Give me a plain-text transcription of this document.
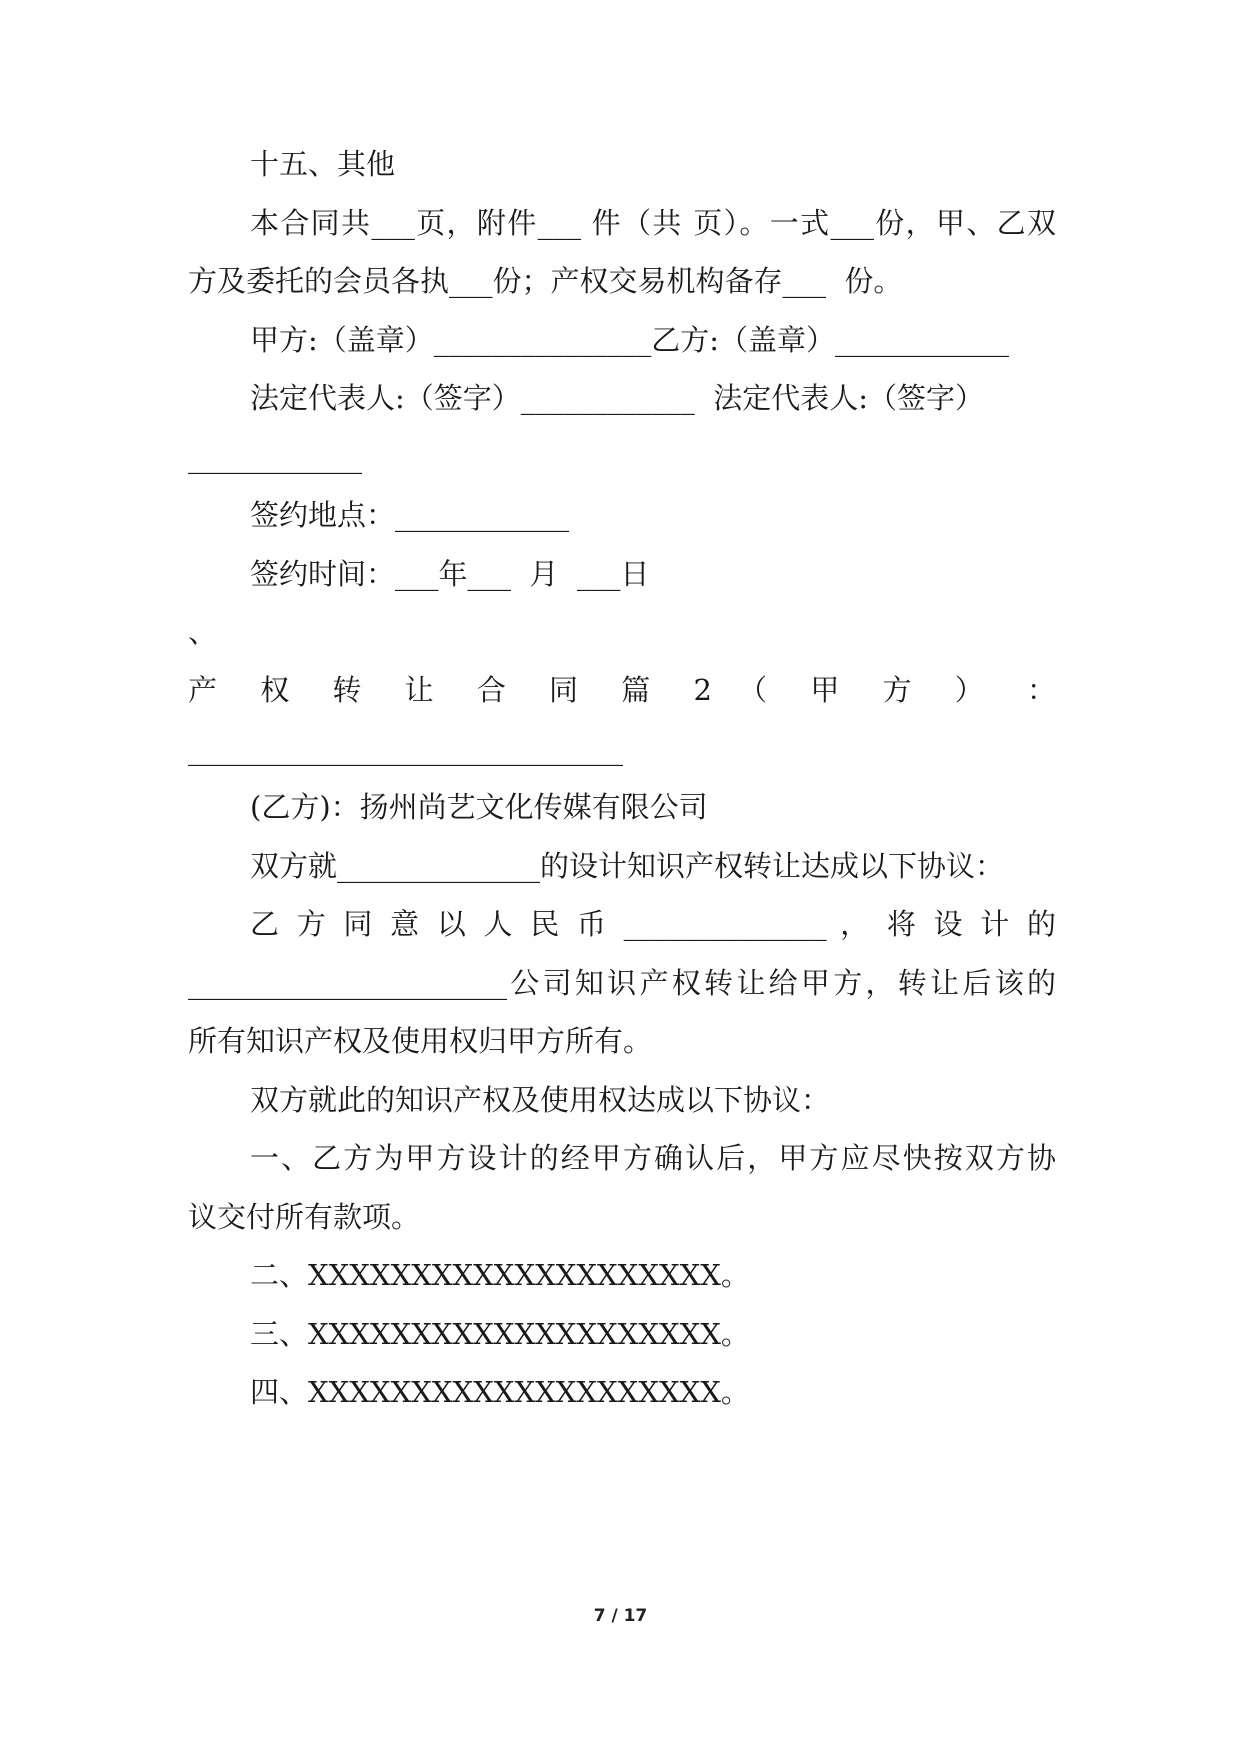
十五、其他

本合同共___页，附件___ 件（共 页）。一式___份，甲、乙双

方及委托的会员各执___份；产权交易机构备存___  份。

甲方:（盖章）_______________乙方:（盖章）____________

法定代表人:（签字）____________  法定代表人:（签字）

____________

签约地点：____________

签约时间：___年___  月  ___日

、

产 权 转 让 合 同 篇 2 （ 甲 方 ） ：

______________________________

(乙方)：扬州尚艺文化传媒有限公司

双方就______________的设计知识产权转让达成以下协议：

乙 方 同 意 以 人 民 币 ______________ ， 将 设 计 的

______________________公司知识产权转让给甲方，转让后该的

所有知识产权及使用权归甲方所有。

双方就此的知识产权及使用权达成以下协议：

一、乙方为甲方设计的经甲方确认后，甲方应尽快按双方协

议交付所有款项。

二、XXXXXXXXXXXXXXXXXXXX。

三、XXXXXXXXXXXXXXXXXXXX。

四、XXXXXXXXXXXXXXXXXXXX。

7 / 17
